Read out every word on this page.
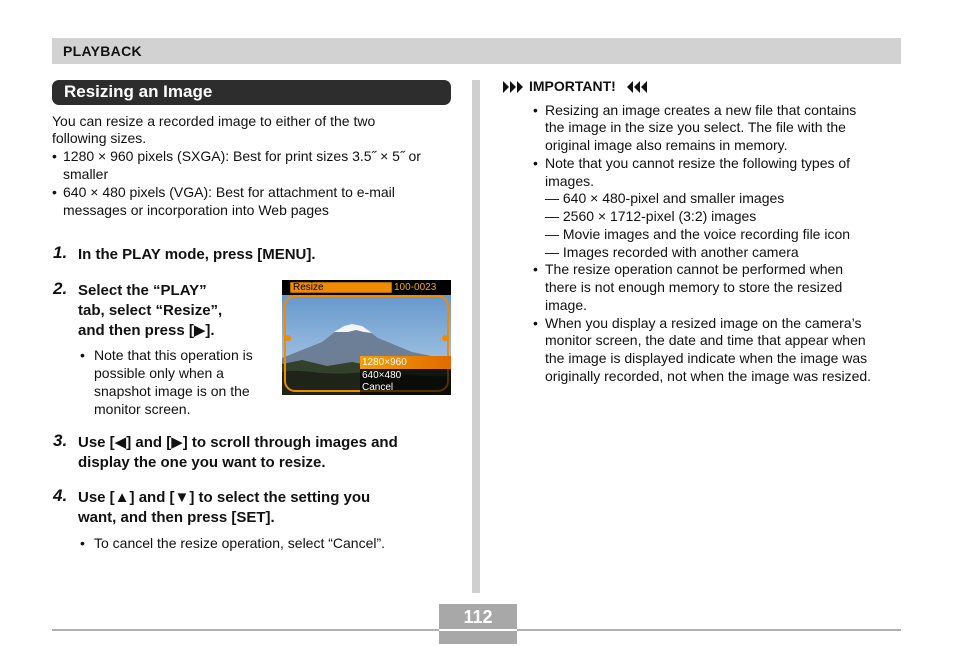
PLAYBACK
Resizing an Image
You can resize a recorded image to either of the two
following sizes.
• 1280 × 960 pixels (SXGA): Best for print sizes 3.5˝ × 5˝ or
smaller
• 640 × 480 pixels (VGA): Best for attachment to e-mail
messages or incorporation into Web pages
1. In the PLAY mode, press [MENU].
2. Select the “PLAY”
tab, select “Resize”,
and then press [▶].
• Note that this operation is
possible only when a
snapshot image is on the
monitor screen.
Resize	100-0023
1280×960
640×480
Cancel
3. Use [◀] and [▶] to scroll through images and
display the one you want to resize.
4. Use [▲] and [▼] to select the setting you
want, and then press [SET].
• To cancel the resize operation, select “Cancel”.
IMPORTANT!
• Resizing an image creates a new file that contains
the image in the size you select. The file with the
original image also remains in memory.
• Note that you cannot resize the following types of
images.
— 640 × 480-pixel and smaller images
— 2560 × 1712-pixel (3:2) images
— Movie images and the voice recording file icon
— Images recorded with another camera
• The resize operation cannot be performed when
there is not enough memory to store the resized
image.
• When you display a resized image on the camera’s
monitor screen, the date and time that appear when
the image is displayed indicate when the image was
originally recorded, not when the image was resized.
112
